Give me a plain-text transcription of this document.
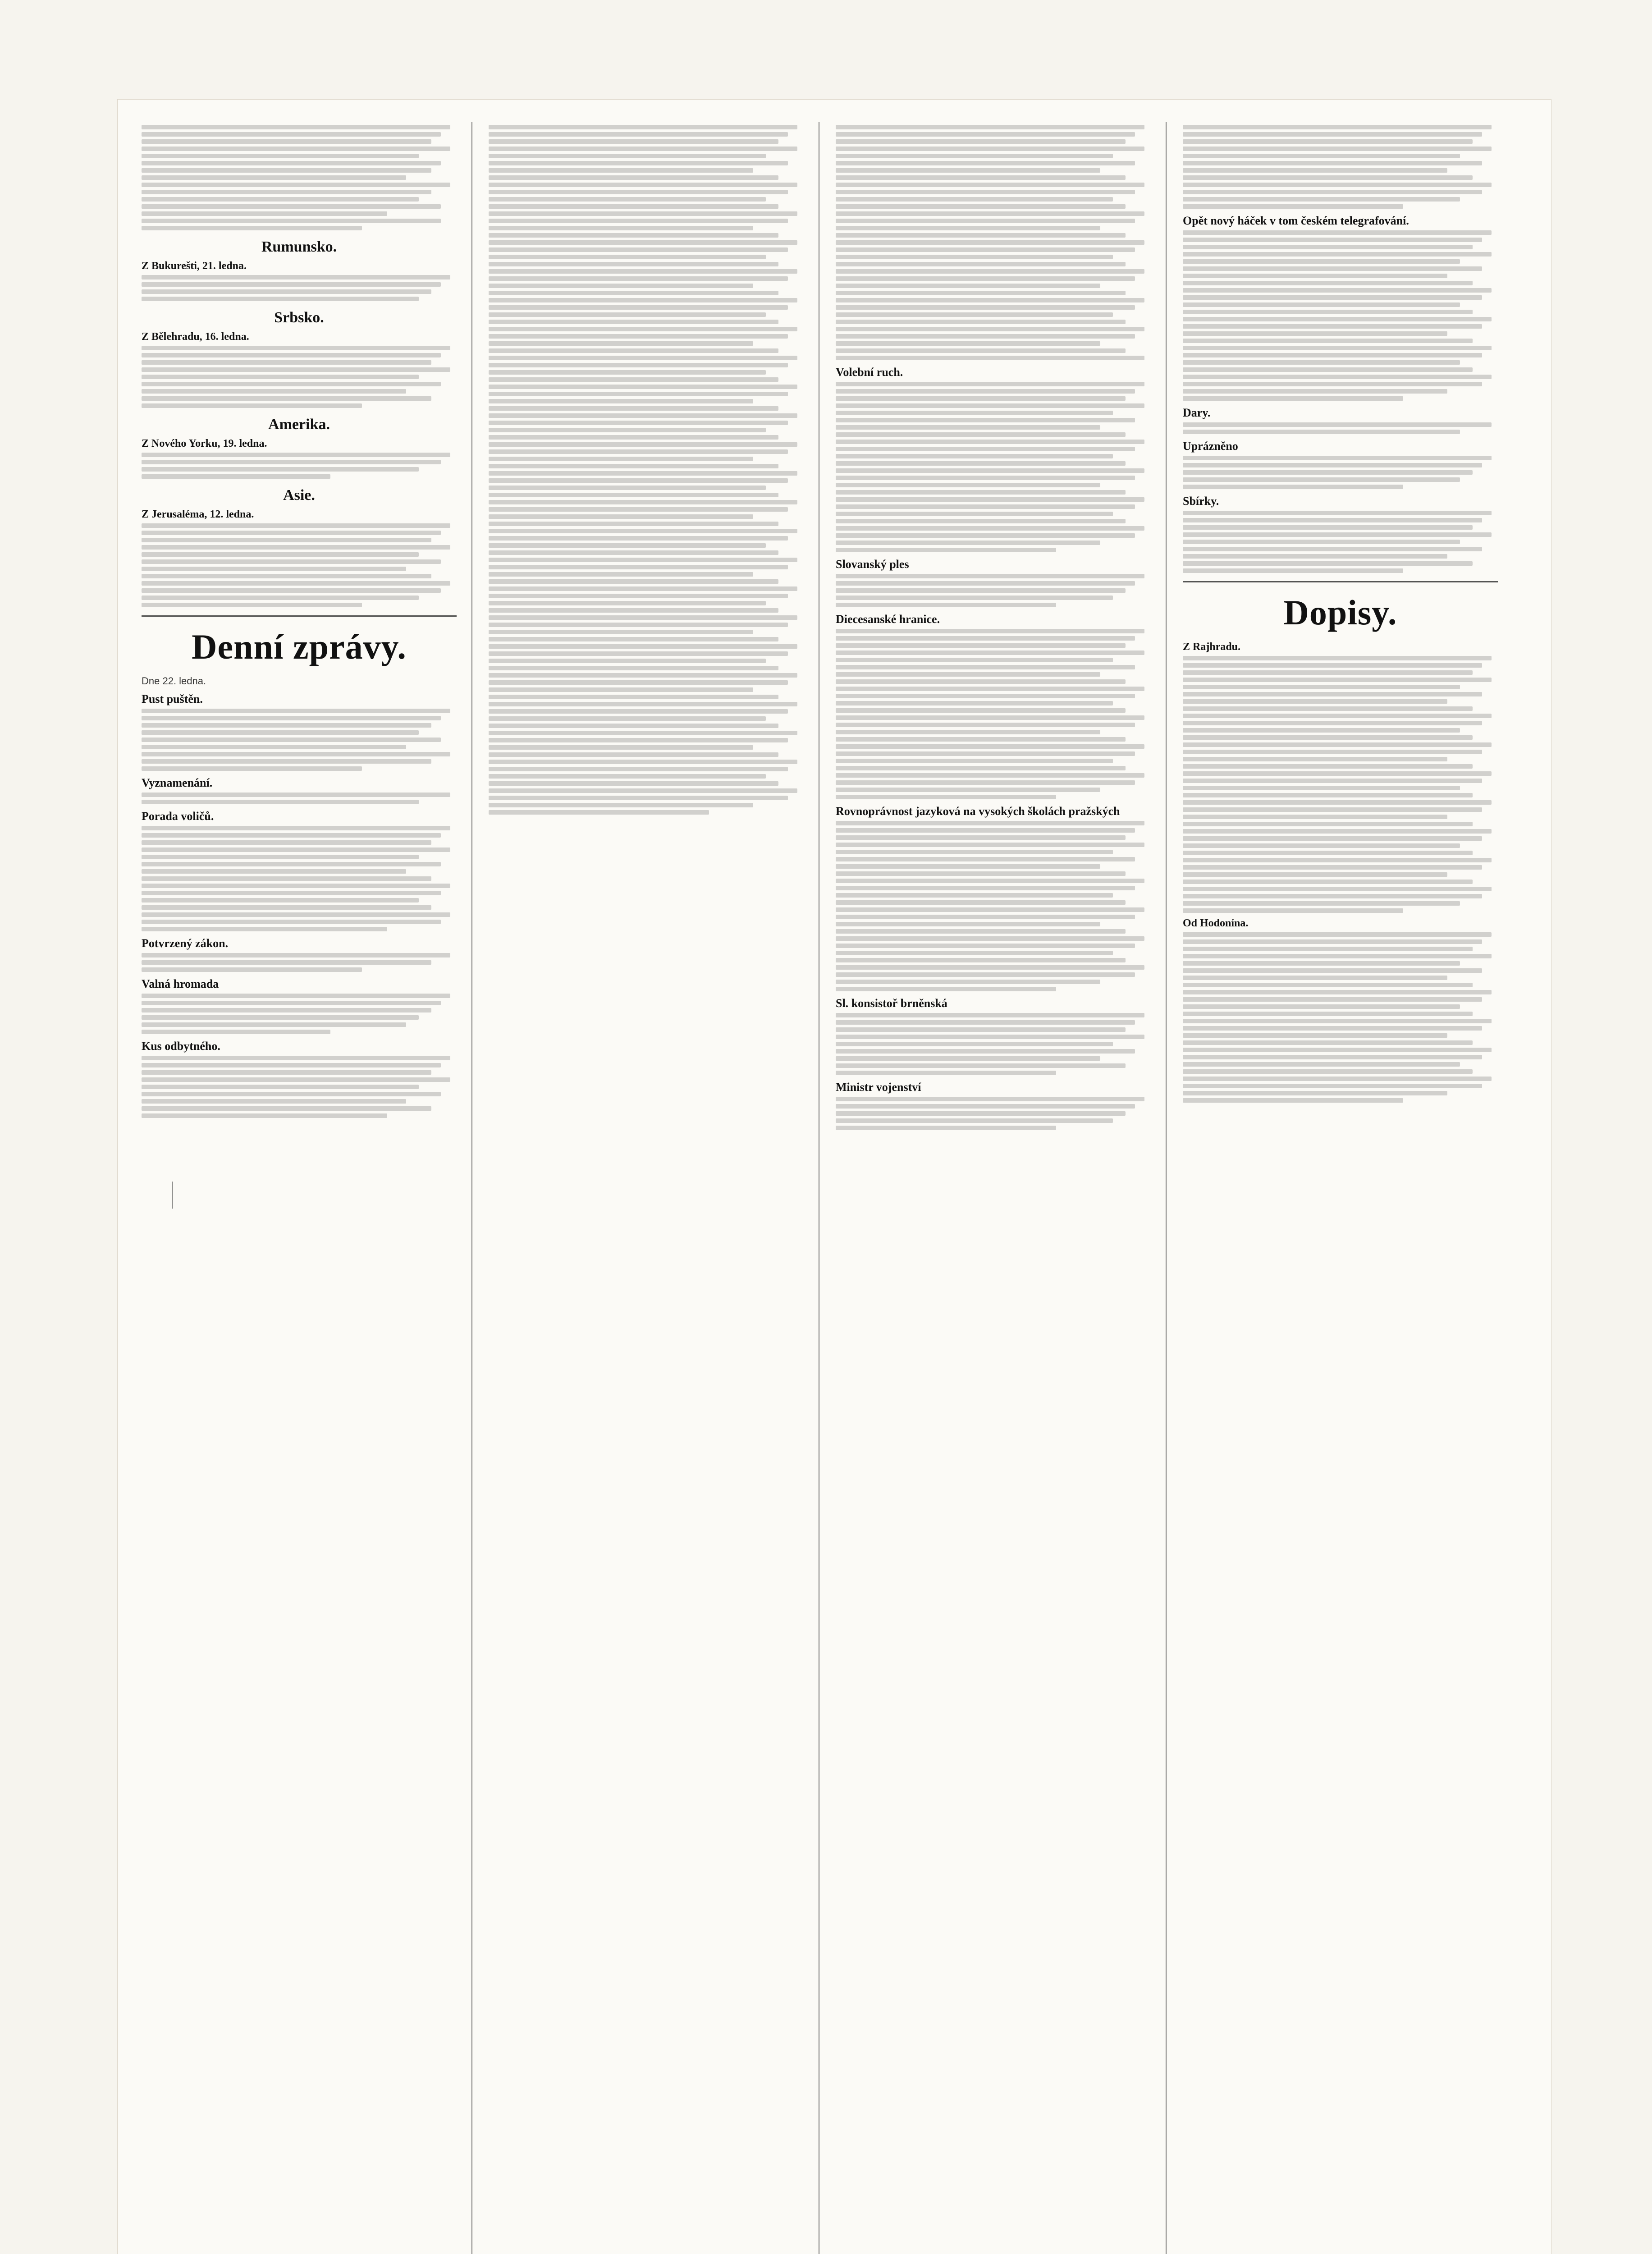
Rumunsko.
Z Bukurešti, 21. ledna.
Srbsko.
Z Bělehradu, 16. ledna.
Amerika.
Z Nového Yorku, 19. ledna.
Asie.
Z Jerusaléma, 12. ledna.
Denní zprávy.
Dne 22. ledna.
Pust puštěn.
Vyznamenání.
Porada voličů.
Potvrzený zákon.
Valná hromada
Kus odbytného.
Volební ruch.
Slovanský ples
Diecesanské hranice.
Rovnoprávnost jazyková na vysokých školách pražských
Sl. konsistoř brněnská
Ministr vojenství
Opět nový háček v tom českém telegrafování.
Dary.
Uprázněno
Sbírky.
Dopisy.
Z Rajhradu.
Od Hodonína.
